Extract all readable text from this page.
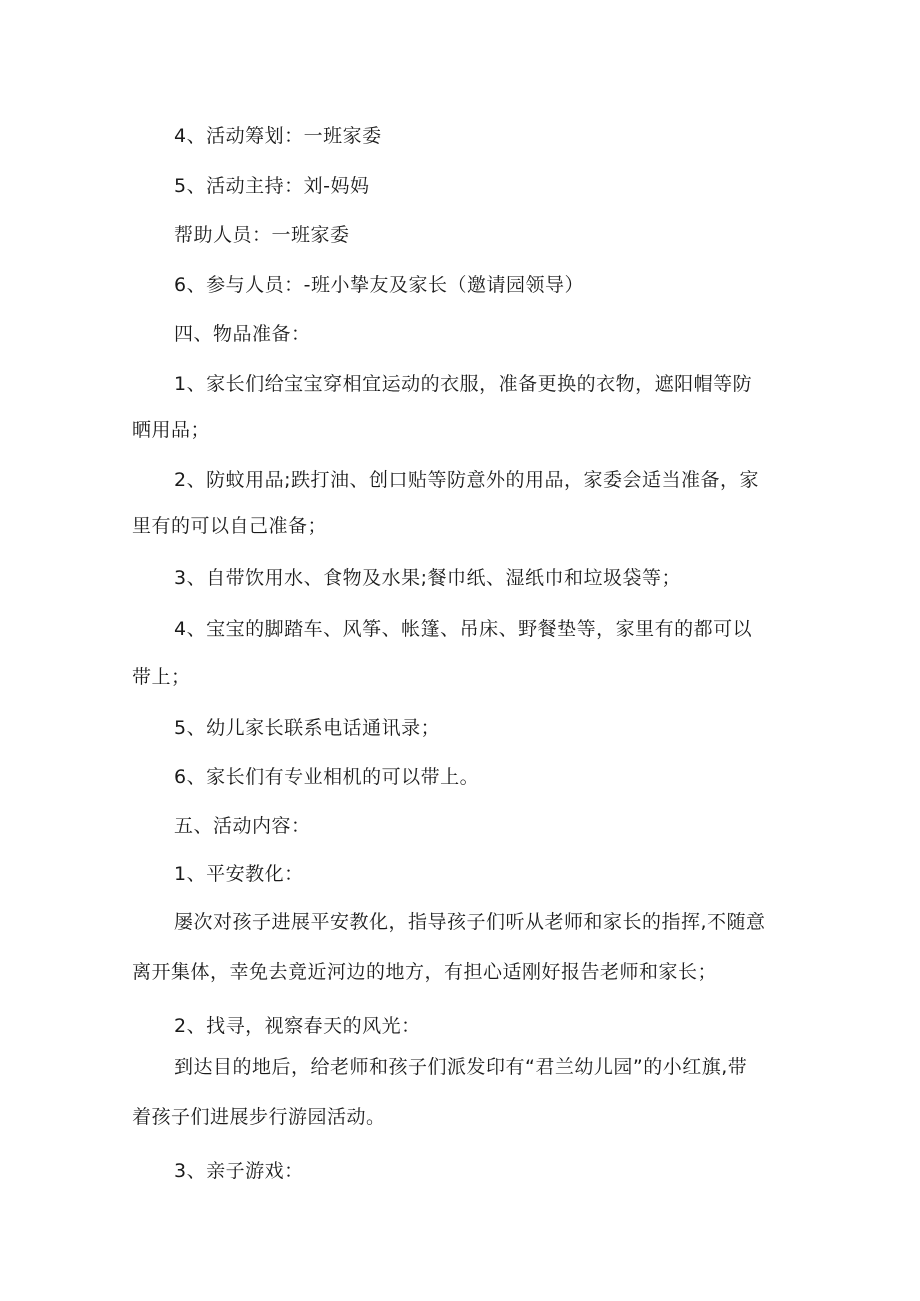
4、活动筹划：一班家委
5、活动主持：刘-妈妈
帮助人员：一班家委
6、参与人员：-班小挚友及家长（邀请园领导）
四、物品准备：
1、家长们给宝宝穿相宜运动的衣服，准备更换的衣物，遮阳帽等防
晒用品；
2、防蚊用品;跌打油、创口贴等防意外的用品，家委会适当准备，家
里有的可以自己准备；
3、自带饮用水、食物及水果;餐巾纸、湿纸巾和垃圾袋等；
4、宝宝的脚踏车、风筝、帐篷、吊床、野餐垫等，家里有的都可以
带上；
5、幼儿家长联系电话通讯录；
6、家长们有专业相机的可以带上。
五、活动内容：
1、平安教化：
屡次对孩子进展平安教化，指导孩子们听从老师和家长的指挥,不随意
离开集体，幸免去竟近河边的地方，有担心适刚好报告老师和家长；
2、找寻，视察春天的风光：
到达目的地后，给老师和孩子们派发印有“君兰幼儿园”的小红旗,带
着孩子们进展步行游园活动。
3、亲子游戏：
